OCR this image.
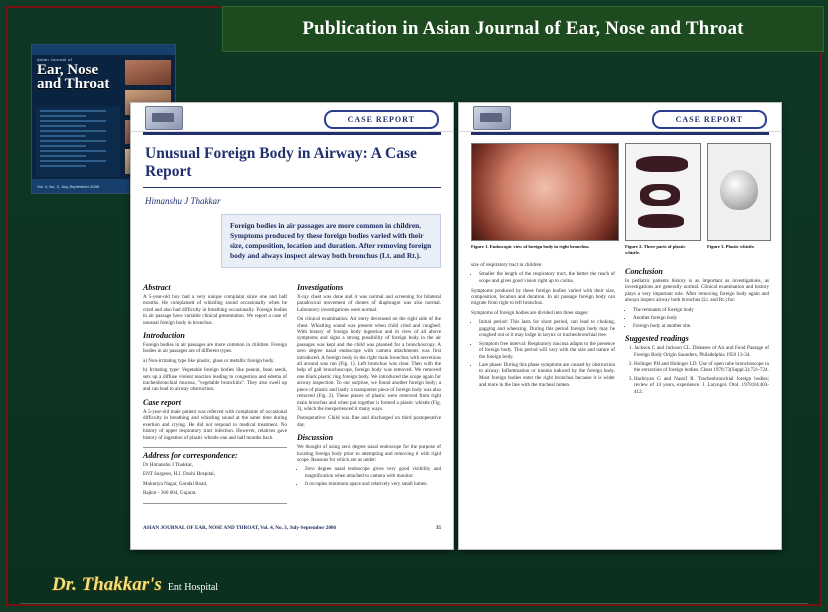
Publication in Asian Journal of Ear, Nose and Throat
Asian Journal of
Ear, Nose
and Throat
Vol. 4, No. 3, July-September 2006
CASE REPORT
Unusual Foreign Body in Airway: A Case Report
Himanshu J Thakkar
Foreign bodies in air passages are more common in children. Symptoms produced by these foreign bodies varied with their size, composition, location and duration. After removing foreign body and always inspect airway both bronchus (Lt. and Rt.).
Abstract

A 5-year-old boy had a very unique complaint since one and half months. He complained of whistling sound occasionally when he cried and also had difficulty in breathing occasionally. Foreign bodies in air passage have variable clinical presentation. We report a case of unusual foreign body in bronchus.

Introduction

Foreign bodies in air passages are more common in children. Foreign bodies in air passages are of different types.

a) Non-irritating type like plastic, glass or metallic foreign body.

b) Irritating type: Vegetable foreign bodies like peanut, bean seeds, sets up a diffuse violent reaction leading to congestion and edema of tracheobronchial mucosa, "vegetable bronchitis". They also swell up and can lead to airway obstruction.

Case report

A 5-year-old male patient was referred with complaints of occasional difficulty in breathing and whistling sound at the same time during exertion and crying. He did not respond to medical treatment. No history of upper respiratory tract infection. However, relatives gave history of ingestion of plastic whistle one and half months back.

Address for correspondence:

Dr Himanshu J Thakkar,

ENT Surgeon, H.J. Doshi Hospital,

Mukutiya Nagar, Gondal Road,

Rajkot - 360 004, Gujarat.

Investigations

X-ray chest was done and it was normal and screening for bilateral paradoxical movement of domes of diaphragm was also normal. Laboratory investigations were normal.

On clinical examination: Air entry decreased on the right side of the chest. Whistling sound was present when child cried and coughed. With history of foreign body ingestion and in view of all above symptoms and signs a strong possibility of foreign body in the air passages was kept and the child was planned for a bronchoscopy. A zero degree nasal endoscope with camera attachments was first introduced. A foreign body in the right main bronchus with secretions all around was run (Fig. 1). Left bronchus was clear. Then with the help of gall bronchoscope, foreign body was removed. We removed one black plastic ring foreign body. We introduced the scope again for airway inspection. To our surprise, we found another foreign body; a piece of plastic and lastly a transparent piece of foreign body was also removed (Fig. 2). These pieces of plastic were removed from right main bronchus and when put together it formed a plastic whistle (Fig. 3), which the inexperienced it many ways.

Postoperative: Child was fine and discharged on third postoperative day.

Discussion

We thought of using zero degree nasal endoscope for the purpose of locating foreign body prior to attempting and removing it with rigid scope. Reasons for which are as under:

• Zero degree nasal endoscope gives very good visibility and magnification when attached to camera with monitor.
• It occupies minimum space and relatively very small lumen
ASIAN JOURNAL OF EAR, NOSE AND THROAT, Vol. 4, No. 3, July-September 2006	35
CASE REPORT
Figure 1. Endoscopic view of foreign body in right bronchus.	Figure 2. Three parts of plastic whistle.
Figure 3. Plastic whistle.

size of respiratory tract in children

• Smaller the length of the respiratory tract, the better the reach of scope and gives good vision right up to carina.

Symptoms produced by these foreign bodies varied with their size, composition, location and duration. In air passage foreign body can migrate from right to left bronchus.

Symptoms of foreign bodies are divided into three stages:

• Initial period: This lasts for short period, can lead to choking, gagging and wheezing. During this period foreign body may be coughed out or it may lodge in larynx or tracheobronchial tree.
• Symptom free interval: Respiratory mucosa adapts to the presence of foreign body. This period will vary with the size and nature of the foreign body.
• Late phase: During this phase symptoms are caused by obstruction to airway. Inflammation or trauma induced by the foreign body. Most foreign bodies enter the right bronchus because it is wider and more in the line with the tracheal lumen.
Conclusion

In pediatric patients history is as important as investigations, as investigations are generally normal. Clinical examination and history plays a very important role. After removing foreign body again and always inspect airway both bronchus (Lt. and Rt.) for:

• The remnants of foreign body
• Another foreign body
• Foreign body at another site.
Suggested readings
1. Jackson C and Jackson CL. Diseases of Air and Food Passage of Foreign Body Origin Saunders, Philadelphia 1950 13-34.
2. Holinger PH and Holinger LD. Use of open tube bronchoscope in the extraction of foreign bodies. Chest 1978;73(Suppl.3):721-724.
3. Harboyan G and Nassif R. Tracheobronchial foreign bodies; review of 14 years, experience. J. Laryngol. Otol. 1970;84:403-412.
Dr. Thakkar's Ent Hospital
